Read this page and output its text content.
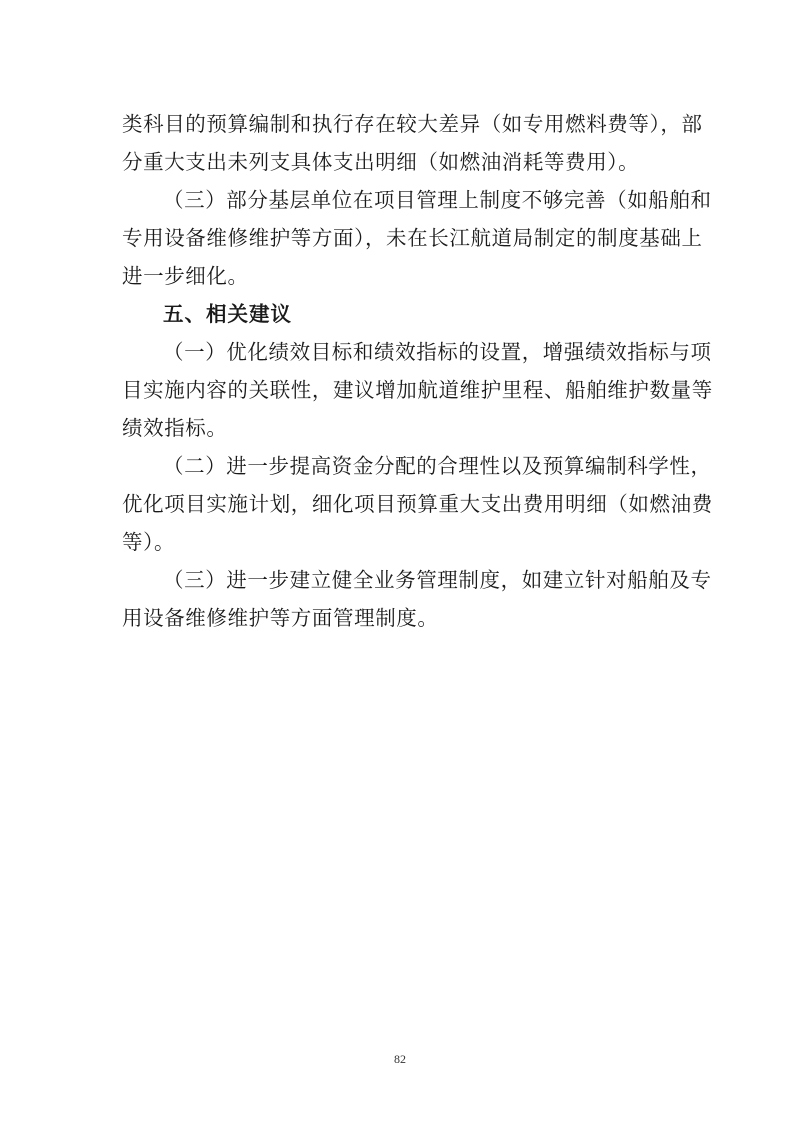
类科目的预算编制和执行存在较大差异（如专用燃料费等），部
分重大支出未列支具体支出明细（如燃油消耗等费用）。
（三）部分基层单位在项目管理上制度不够完善（如船舶和
专用设备维修维护等方面），未在长江航道局制定的制度基础上
进一步细化。
五、相关建议
（一）优化绩效目标和绩效指标的设置，增强绩效指标与项
目实施内容的关联性，建议增加航道维护里程、船舶维护数量等
绩效指标。
（二）进一步提高资金分配的合理性以及预算编制科学性，
优化项目实施计划，细化项目预算重大支出费用明细（如燃油费
等）。
（三）进一步建立健全业务管理制度，如建立针对船舶及专
用设备维修维护等方面管理制度。
82
